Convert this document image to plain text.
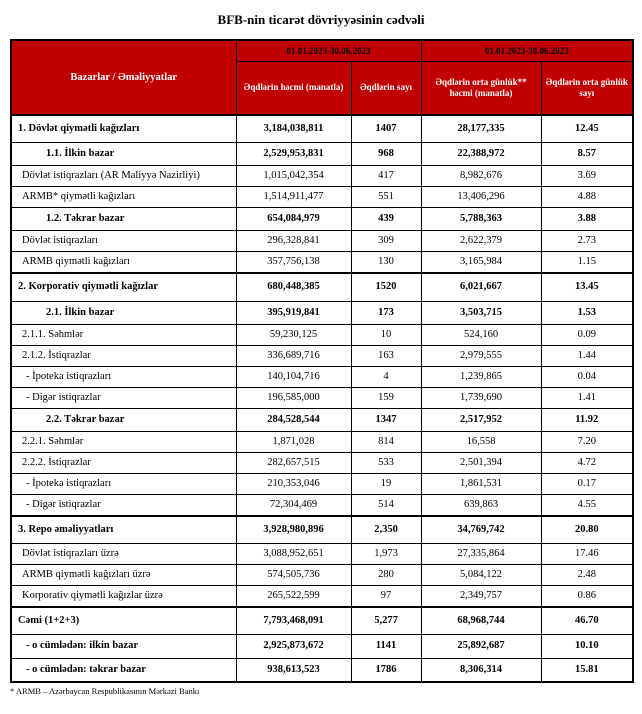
BFB-nin ticarət dövriyyəsinin cədvəli
Bazarlar / Əməliyyatlar	01.01.2023-30.06.2023		01.01.2023-30.06.2023	
	Əqdlərin həcmi (manatla)	Əqdlərin sayı	Əqdlərin orta günlük** həcmi (manatla)	Əqdlərin orta günlük sayı
1. Dövlət qiymətli kağızları	3,184,038,811	1407	28,177,335	12.45
1.1. İlkin bazar	2,529,953,831	968	22,388,972	8.57
Dövlət istiqrazları (AR Maliyyə Nazirliyi)	1,015,042,354	417	8,982,676	3.69
ARMB* qiymətli kağızları	1,514,911,477	551	13,406,296	4.88
1.2. Təkrar bazar	654,084,979	439	5,788,363	3.88
Dövlət istiqrazları	296,328,841	309	2,622,379	2.73
ARMB qiymətli kağızları	357,756,138	130	3,165,984	1.15
2. Korporativ qiymətli kağızlar	680,448,385	1520	6,021,667	13.45
2.1. İlkin bazar	395,919,841	173	3,503,715	1.53
2.1.1. Səhmlər	59,230,125	10	524,160	0.09
2.1.2. İstiqrazlar	336,689,716	163	2,979,555	1.44
- İpoteka istiqrazları	140,104,716	4	1,239,865	0.04
- Digər istiqrazlar	196,585,000	159	1,739,690	1.41
2.2. Təkrar bazar	284,528,544	1347	2,517,952	11.92
2.2.1. Səhmlər	1,871,028	814	16,558	7.20
2.2.2. İstiqrazlar	282,657,515	533	2,501,394	4.72
- İpoteka istiqrazları	210,353,046	19	1,861,531	0.17
- Digər istiqrazlar	72,304,469	514	639,863	4.55
3. Repo əməliyyatları	3,928,980,896	2,350	34,769,742	20.80
Dövlət istiqrazları üzrə	3,088,952,651	1,973	27,335,864	17.46
ARMB qiymətli kağızları üzrə	574,505,736	280	5,084,122	2.48
Korporativ qiymətli kağızlar üzrə	265,522,599	97	2,349,757	0.86
Cəmi (1+2+3)	7,793,468,091	5,277	68,968,744	46.70
- o cümlədən: ilkin bazar	2,925,873,672	1141	25,892,687	10.10
- o cümlədən: təkrar bazar	938,613,523	1786	8,306,314	15.81
* ARMB – Azərbaycan Respublikasının Mərkəzi Bankı
